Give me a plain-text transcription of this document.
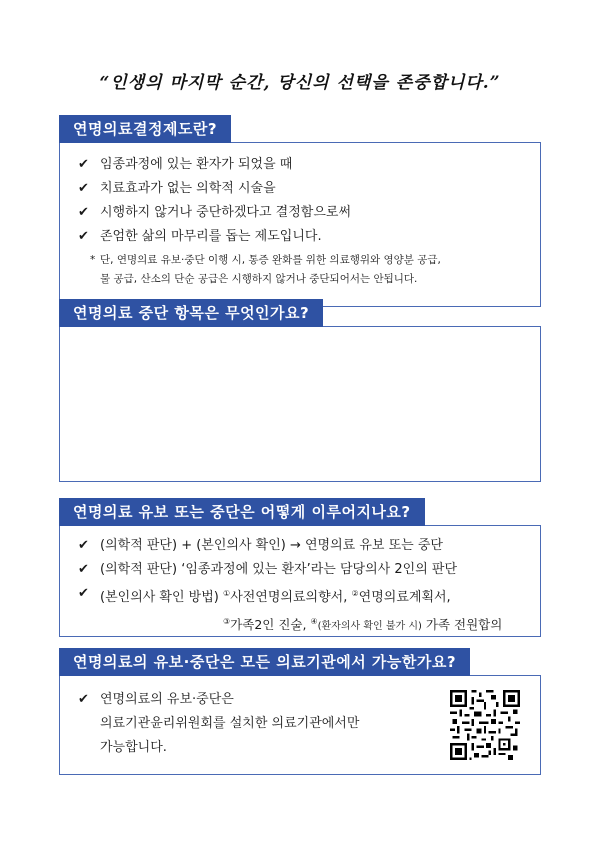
“인생의 마지막 순간, 당신의 선택을 존중합니다.”
연명의료결정제도란?
✔ 임종과정에 있는 환자가 되었을 때
✔ 치료효과가 없는 의학적 시술을
✔ 시행하지 않거나 중단하겠다고 결정함으로써
✔ 존엄한 삶의 마무리를 돕는 제도입니다.
* 단, 연명의료 유보·중단 이행 시, 통증 완화를 위한 의료행위와 영양분 공급,
물 공급, 산소의 단순 공급은 시행하지 않거나 중단되어서는 안됩니다.
연명의료 중단 항목은 무엇인가요?
연명의료 유보 또는 중단은 어떻게 이루어지나요?
✔ (의학적 판단) + (본인의사 확인) → 연명의료 유보 또는 중단
✔ (의학적 판단) ‘임종과정에 있는 환자’라는 담당의사 2인의 판단
✔ (본인의사 확인 방법) ①사전연명의료의향서, ②연명의료계획서,
③가족2인 진술, ④(환자의사 확인 불가 시) 가족 전원합의
연명의료의 유보·중단은 모든 의료기관에서 가능한가요?
✔ 연명의료의 유보·중단은
의료기관윤리위원회를 설치한 의료기관에서만
가능합니다.
